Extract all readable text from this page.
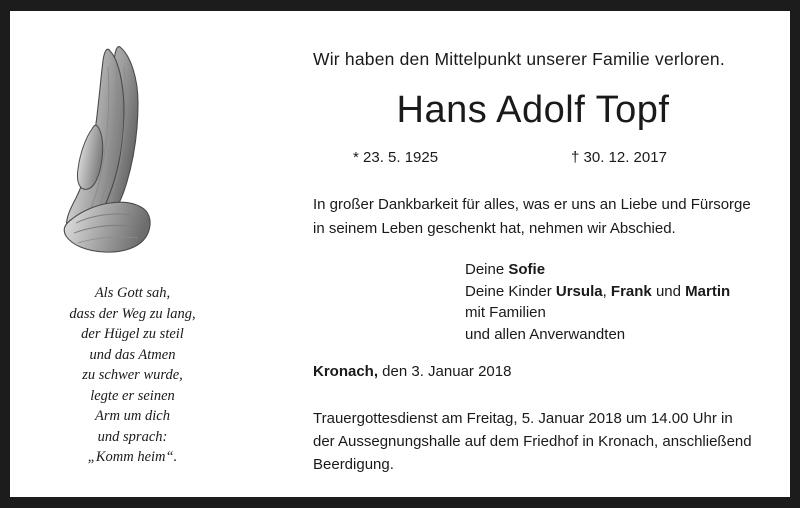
Als Gott sah,
dass der Weg zu lang,
der Hügel zu steil
und das Atmen
zu schwer wurde,
legte er seinen
Arm um dich
und sprach:
„Komm heim“.
Wir haben den Mittelpunkt unserer Familie verloren.
Hans Adolf Topf
* 23. 5. 1925	† 30. 12. 2017
In großer Dankbarkeit für alles, was er uns an Liebe und Fürsorge
in seinem Leben geschenkt hat, nehmen wir Abschied.
Deine Sofie
Deine Kinder Ursula, Frank und Martin
mit Familien
und allen Anverwandten
Kronach, den 3. Januar 2018
Trauergottesdienst am Freitag, 5. Januar 2018 um 14.00 Uhr in
der Aussegnungshalle auf dem Friedhof in Kronach, anschließend
Beerdigung.
